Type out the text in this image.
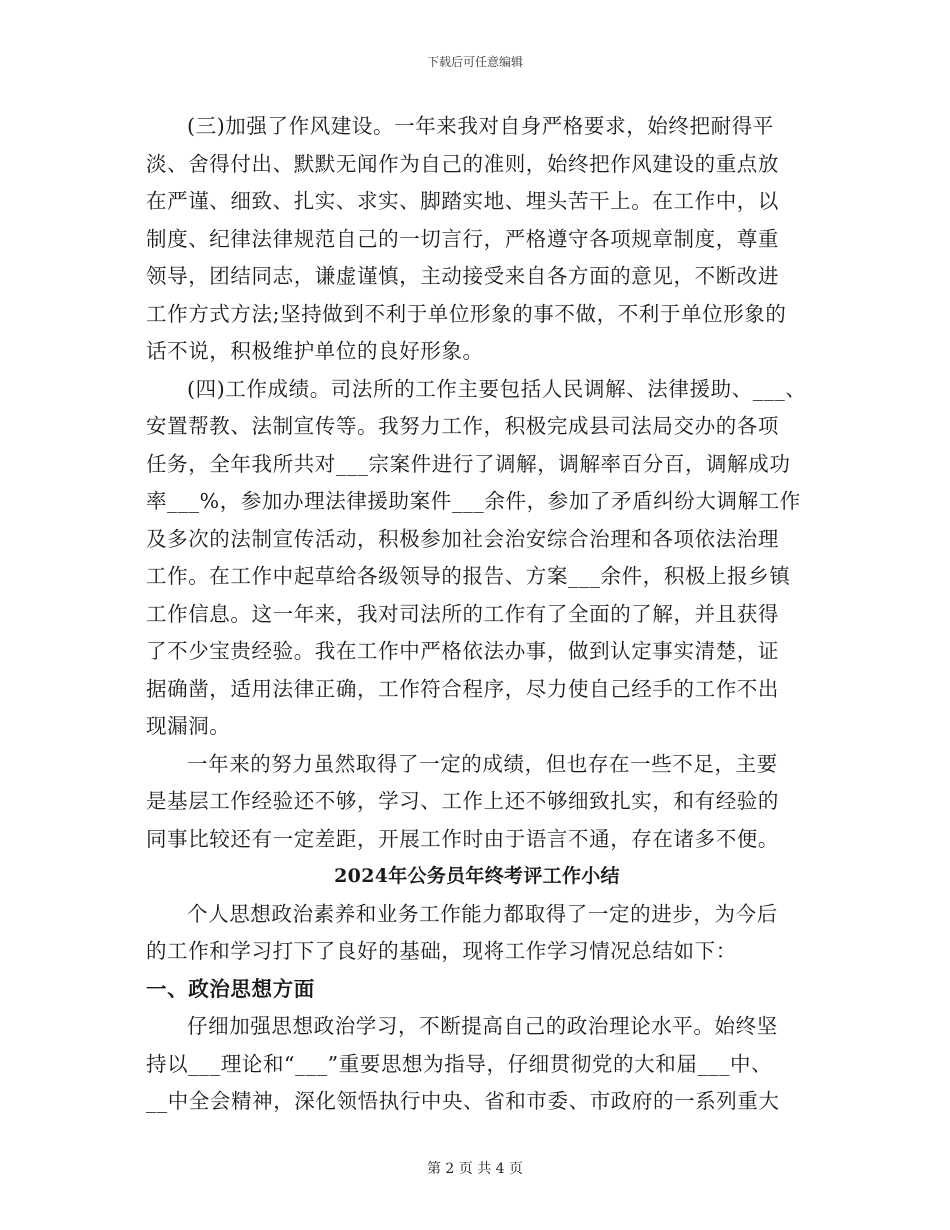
下载后可任意编辑
(三)加强了作风建设。一年来我对自身严格要求，始终把耐得平
淡、舍得付出、默默无闻作为自己的准则，始终把作风建设的重点放
在严谨、细致、扎实、求实、脚踏实地、埋头苦干上。在工作中，以
制度、纪律法律规范自己的一切言行，严格遵守各项规章制度，尊重
领导，团结同志，谦虚谨慎，主动接受来自各方面的意见，不断改进
工作方式方法;坚持做到不利于单位形象的事不做，不利于单位形象的
话不说，积极维护单位的良好形象。
(四)工作成绩。司法所的工作主要包括人民调解、法律援助、___、
安置帮教、法制宣传等。我努力工作，积极完成县司法局交办的各项
任务，全年我所共对___宗案件进行了调解，调解率百分百，调解成功
率___%，参加办理法律援助案件___余件，参加了矛盾纠纷大调解工作
及多次的法制宣传活动，积极参加社会治安综合治理和各项依法治理
工作。在工作中起草给各级领导的报告、方案___余件，积极上报乡镇
工作信息。这一年来，我对司法所的工作有了全面的了解，并且获得
了不少宝贵经验。我在工作中严格依法办事，做到认定事实清楚，证
据确凿，适用法律正确，工作符合程序，尽力使自己经手的工作不出
现漏洞。
一年来的努力虽然取得了一定的成绩，但也存在一些不足，主要
是基层工作经验还不够，学习、工作上还不够细致扎实，和有经验的
同事比较还有一定差距，开展工作时由于语言不通，存在诸多不便。
2024年公务员年终考评工作小结
个人思想政治素养和业务工作能力都取得了一定的进步，为今后
的工作和学习打下了良好的基础，现将工作学习情况总结如下：
一、政治思想方面
仔细加强思想政治学习，不断提高自己的政治理论水平。始终坚
持以___理论和“___”重要思想为指导，仔细贯彻党的大和届___中、
__中全会精神，深化领悟执行中央、省和市委、市政府的一系列重大
第 2 页 共 4 页
